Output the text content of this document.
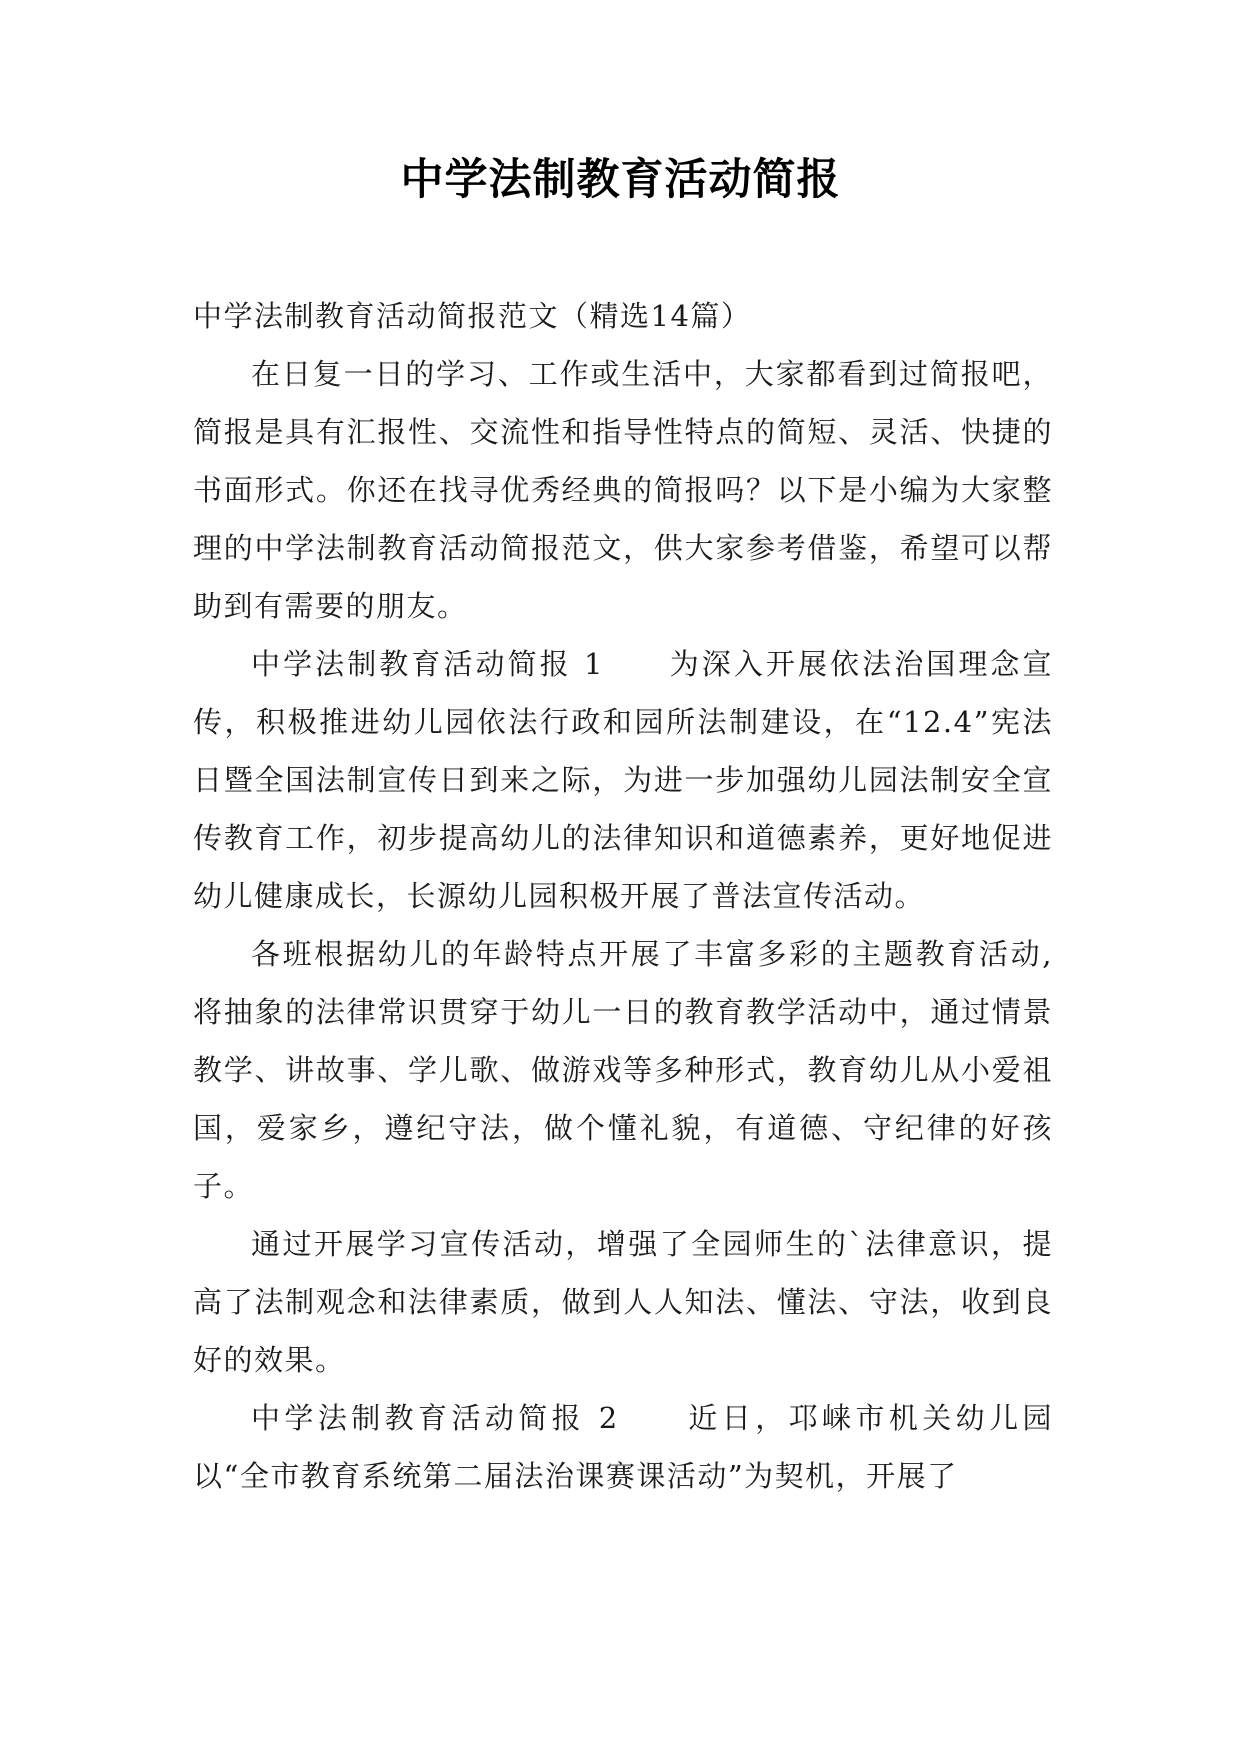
中学法制教育活动简报

中学法制教育活动简报范文（精选14篇）

在日复一日的学习、工作或生活中，大家都看到过简报吧，简报是具有汇报性、交流性和指导性特点的简短、灵活、快捷的书面形式。你还在找寻优秀经典的简报吗？以下是小编为大家整理的中学法制教育活动简报范文，供大家参考借鉴，希望可以帮助到有需要的朋友。

中学法制教育活动简报 1　　为深入开展依法治国理念宣传，积极推进幼儿园依法行政和园所法制建设，在“12.4”宪法日暨全国法制宣传日到来之际，为进一步加强幼儿园法制安全宣传教育工作，初步提高幼儿的法律知识和道德素养，更好地促进幼儿健康成长，长源幼儿园积极开展了普法宣传活动。

各班根据幼儿的年龄特点开展了丰富多彩的主题教育活动,将抽象的法律常识贯穿于幼儿一日的教育教学活动中，通过情景教学、讲故事、学儿歌、做游戏等多种形式，教育幼儿从小爱祖国，爱家乡，遵纪守法，做个懂礼貌，有道德、守纪律的好孩子。

通过开展学习宣传活动，增强了全园师生的`法律意识，提高了法制观念和法律素质，做到人人知法、懂法、守法，收到良好的效果。

中学法制教育活动简报 2　　近日，邛崃市机关幼儿园以“全市教育系统第二届法治课赛课活动”为契机，开展了
